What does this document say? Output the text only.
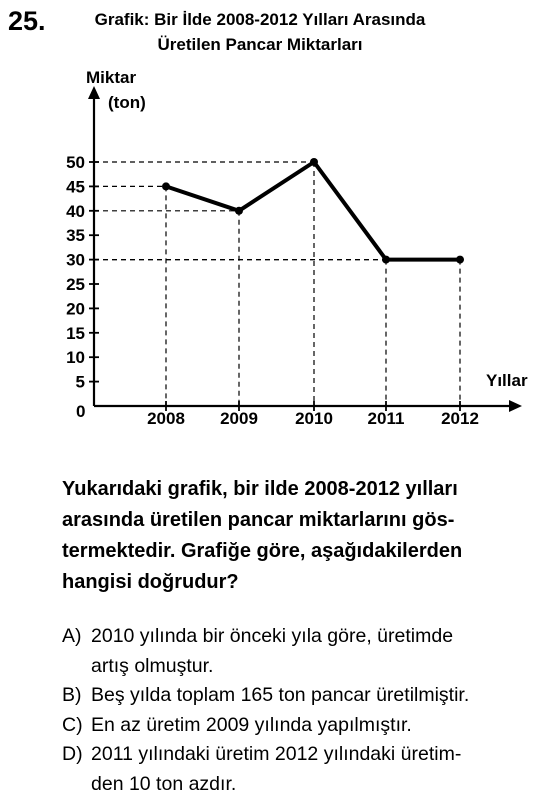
25.	Grafik: Bir İlde 2008-2012 Yılları Arasında
Üretilen Pancar Miktarları
5
10
15
20
25
30
35
40
45
50
2008 2009 2010 2011 2012
Miktar
(ton)
Yıllar
0
Yukarıdaki grafik, bir ilde 2008-2012 yılları
arasında üretilen pancar miktarlarını gös-
termektedir. Grafiğe göre, aşağıdakilerden
hangisi doğrudur?
A) 2010 yılında bir önceki yıla göre, üretimde
artış olmuştur.
B) Beş yılda toplam 165 ton pancar üretilmiştir.
C) En az üretim 2009 yılında yapılmıştır.
D) 2011 yılındaki üretim 2012 yılındaki üretim-
den 10 ton azdır.
